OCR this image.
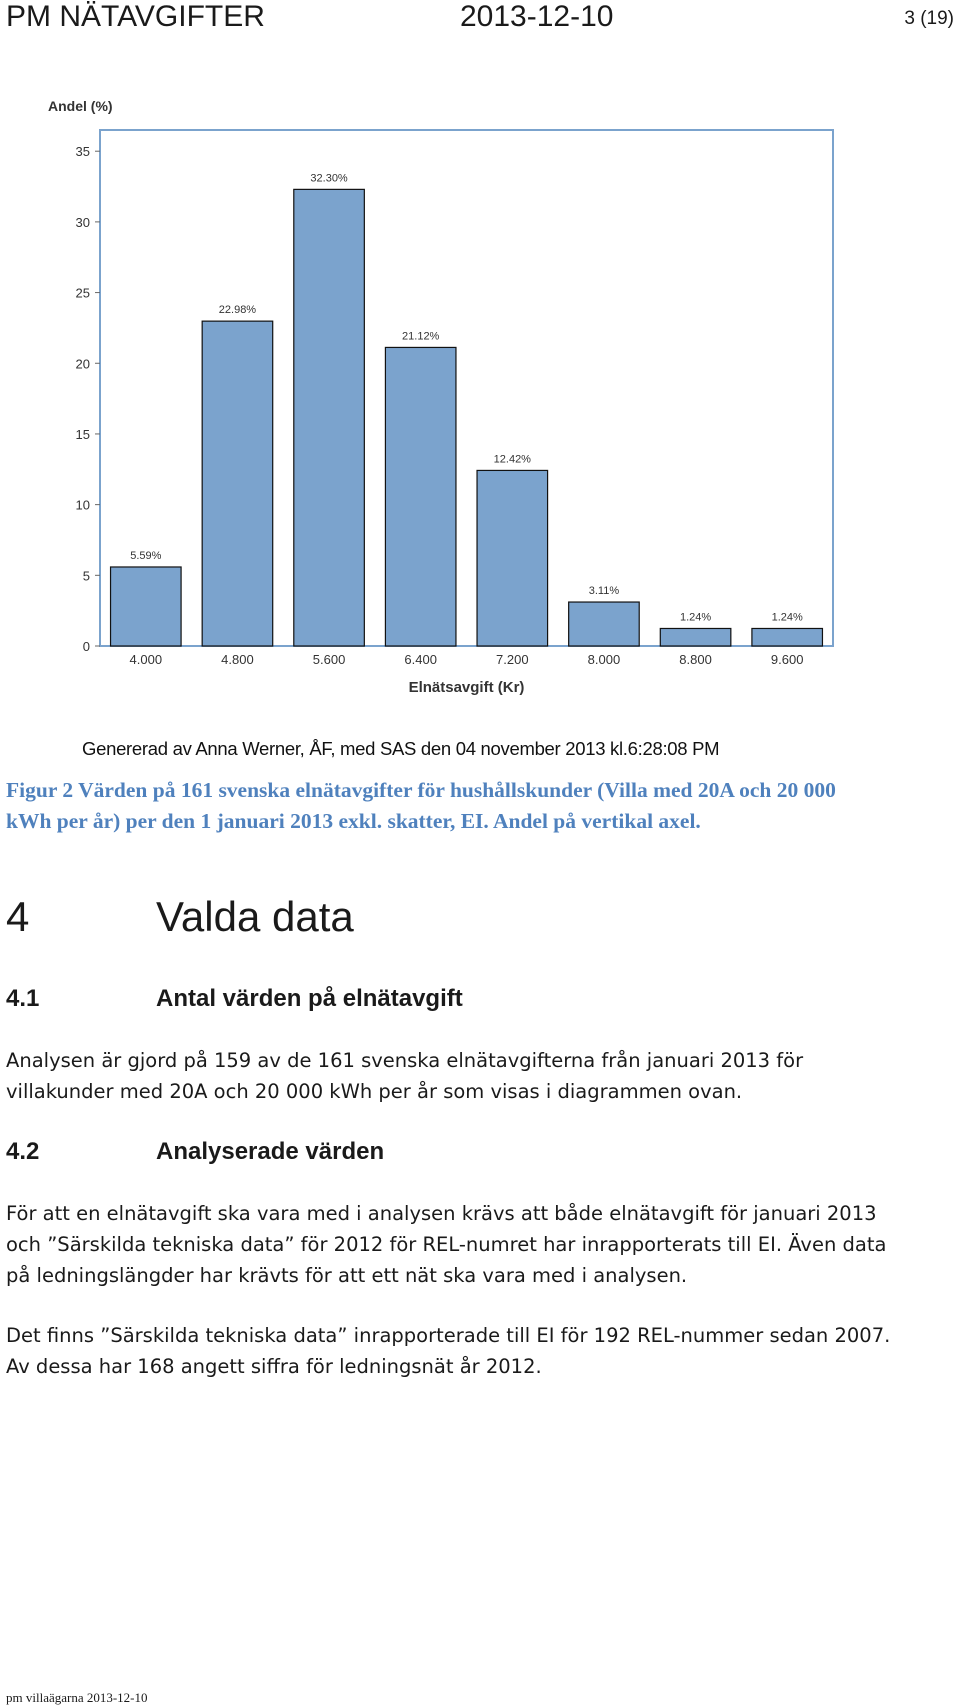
PM NÄTAVGIFTER	2013-12-10	3 (19)
Andel (%)
0
5
10
15
20
25
30
35
5.59%
4.000
22.98%
4.800
32.30%
5.600
21.12%
6.400
12.42%
7.200
3.11%
8.000
1.24%
8.800
1.24%
9.600
Elnätsavgift (Kr)
Genererad av Anna Werner, ÅF, med SAS den 04 november 2013 kl.6:28:08 PM
Figur 2 Värden på 161 svenska elnätavgifter för hushållskunder (Villa med 20A och 20 000 kWh per år) per den 1 januari 2013 exkl. skatter, EI. Andel på vertikal axel.
4	Valda data
4.1	Antal värden på elnätavgift
Analysen är gjord på 159 av de 161 svenska elnätavgifterna från januari 2013 för villakunder med 20A och 20 000 kWh per år som visas i diagrammen ovan.
4.2	Analyserade värden
För att en elnätavgift ska vara med i analysen krävs att både elnätavgift för januari 2013 och ”Särskilda tekniska data” för 2012 för REL-numret har inrapporterats till EI. Även data på ledningslängder har krävts för att ett nät ska vara med i analysen.
Det finns ”Särskilda tekniska data” inrapporterade till EI för 192 REL-nummer sedan 2007. Av dessa har 168 angett siffra för ledningsnät år 2012.
pm villaägarna 2013-12-10
